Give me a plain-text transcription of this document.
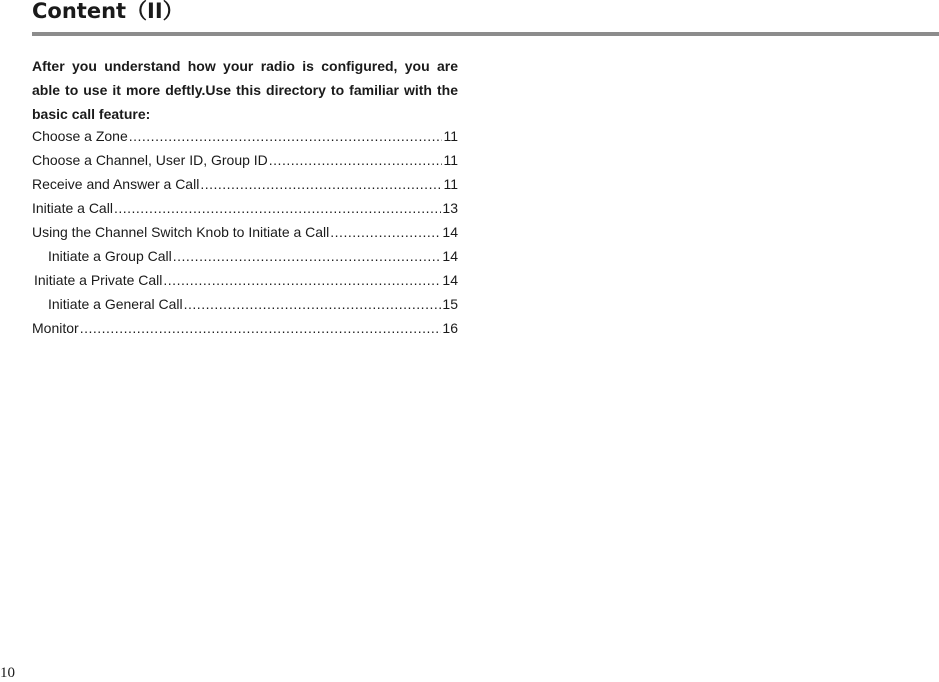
Content（II）
After you understand how your radio is configured, you are able to use it more deftly.Use this directory to familiar with the basic call feature:
Choose a Zone .....	11
Choose a Channel, User ID, Group ID .....	11
Receive and Answer a Call .....	11
Initiate a Call .....	13
Using the Channel Switch Knob to Initiate a Call .....	14
Initiate a Group Call .....	14
Initiate a Private Call .....	14
Initiate a General Call .....	15
Monitor .....	16
10
